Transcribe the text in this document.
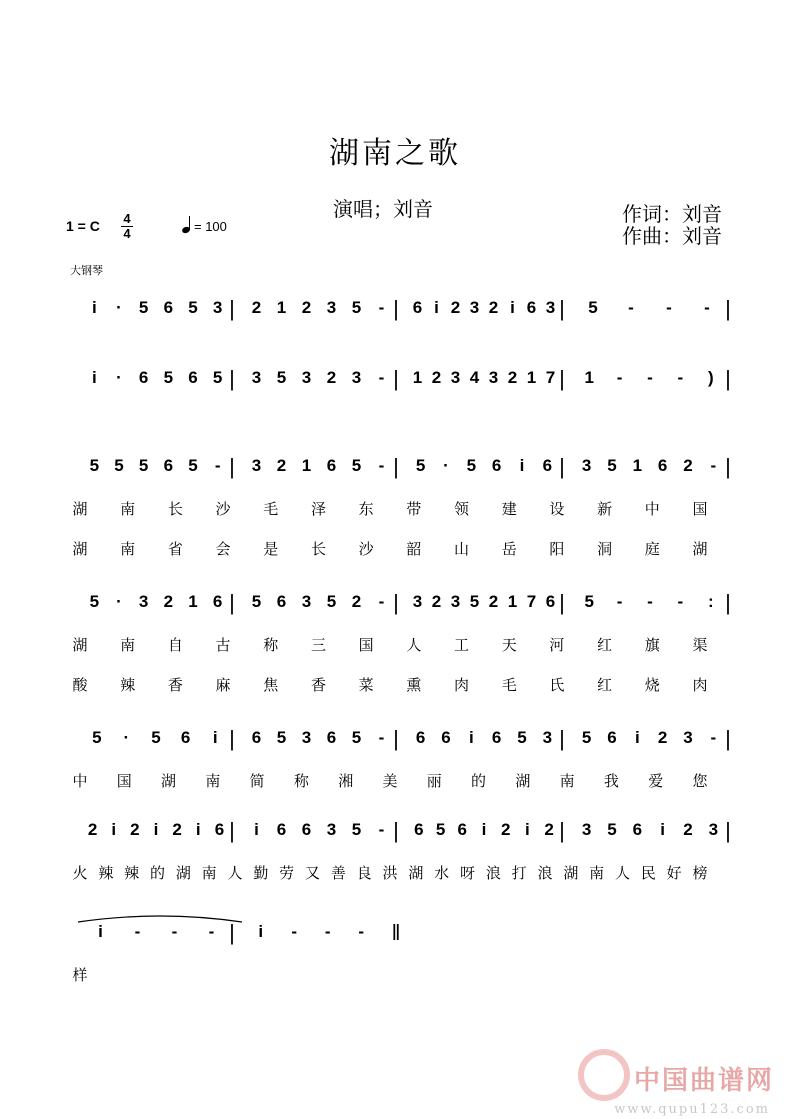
湖南之歌
演唱；刘音	作词：刘音
作曲：刘音
1 = C 4
4	= 100
大钢琴
i · 5 6 5 3 2 1 2 3 5 - 6 i 2 3 2 i 6 3 5 - - -
|	|	|	|
i · 6 5 6 5 3 5 3 2 3 - 1 2 3 4 3 2 1 7 1 - - - )
|	|	|	|
5 5 5 6 5 - 3 2 1 6 5 - 5 · 5 6 i 6 3 5 1 6 2 -
|	|	|	|
湖 南 长 沙 毛 泽 东 带 领 建 设 新 中 国
湖 南 省 会 是 长 沙 韶 山 岳 阳 洞 庭 湖
5 · 3 2 1 6 5 6 3 5 2 - 3 2 3 5 2 1 7 6 5 - - - :
|	|	|	|
湖 南 自 古 称 三 国 人 工 天 河 红 旗 渠
酸 辣 香 麻 焦 香 菜 熏 肉 毛 氏 红 烧 肉
5 · 5 6 i 6 5 3 6 5 - 6 6 i 6 5 3 5 6 i 2 3 -
|	|	|	|
中 国 湖 南 简 称 湘 美 丽 的 湖 南 我 爱 您
2 i 2 i 2 i 6 i 6 6 3 5 - 6 5 6 i 2 i 2 3 5 6 i 2 3
|	|	|	|
火 辣 辣 的 湖 南 人 勤 劳 又 善 良 洪 湖 水 呀 浪 打 浪 湖 南 人 民 好 榜
i - - -	i - - -
|	‖
样
中国曲谱网
www.qupu123.com
